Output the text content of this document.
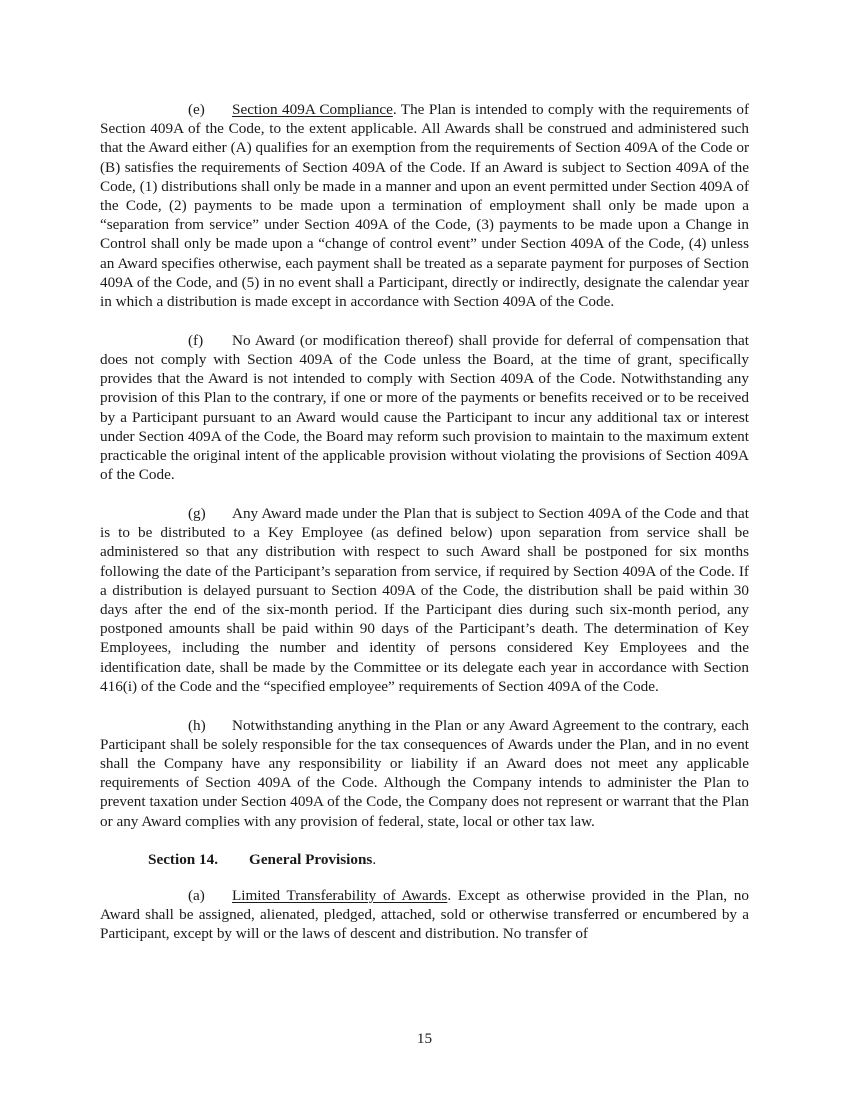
(e) Section 409A Compliance. The Plan is intended to comply with the requirements of Section 409A of the Code, to the extent applicable. All Awards shall be construed and administered such that the Award either (A) qualifies for an exemption from the requirements of Section 409A of the Code or (B) satisfies the requirements of Section 409A of the Code. If an Award is subject to Section 409A of the Code, (1) distributions shall only be made in a manner and upon an event permitted under Section 409A of the Code, (2) payments to be made upon a termination of employment shall only be made upon a “separation from service” under Section 409A of the Code, (3) payments to be made upon a Change in Control shall only be made upon a “change of control event” under Section 409A of the Code, (4) unless an Award specifies otherwise, each payment shall be treated as a separate payment for purposes of Section 409A of the Code, and (5) in no event shall a Participant, directly or indirectly, designate the calendar year in which a distribution is made except in accordance with Section 409A of the Code.

(f) No Award (or modification thereof) shall provide for deferral of compensation that does not comply with Section 409A of the Code unless the Board, at the time of grant, specifically provides that the Award is not intended to comply with Section 409A of the Code. Notwithstanding any provision of this Plan to the contrary, if one or more of the payments or benefits received or to be received by a Participant pursuant to an Award would cause the Participant to incur any additional tax or interest under Section 409A of the Code, the Board may reform such provision to maintain to the maximum extent practicable the original intent of the applicable provision without violating the provisions of Section 409A of the Code.

(g) Any Award made under the Plan that is subject to Section 409A of the Code and that is to be distributed to a Key Employee (as defined below) upon separation from service shall be administered so that any distribution with respect to such Award shall be postponed for six months following the date of the Participant’s separation from service, if required by Section 409A of the Code. If a distribution is delayed pursuant to Section 409A of the Code, the distribution shall be paid within 30 days after the end of the six-month period. If the Participant dies during such six-month period, any postponed amounts shall be paid within 90 days of the Participant’s death. The determination of Key Employees, including the number and identity of persons considered Key Employees and the identification date, shall be made by the Committee or its delegate each year in accordance with Section 416(i) of the Code and the “specified employee” requirements of Section 409A of the Code.

(h) Notwithstanding anything in the Plan or any Award Agreement to the contrary, each Participant shall be solely responsible for the tax consequences of Awards under the Plan, and in no event shall the Company have any responsibility or liability if an Award does not meet any applicable requirements of Section 409A of the Code. Although the Company intends to administer the Plan to prevent taxation under Section 409A of the Code, the Company does not represent or warrant that the Plan or any Award complies with any provision of federal, state, local or other tax law.

Section 14. General Provisions.

(a) Limited Transferability of Awards. Except as otherwise provided in the Plan, no Award shall be assigned, alienated, pledged, attached, sold or otherwise transferred or encumbered by a Participant, except by will or the laws of descent and distribution. No transfer of

15
